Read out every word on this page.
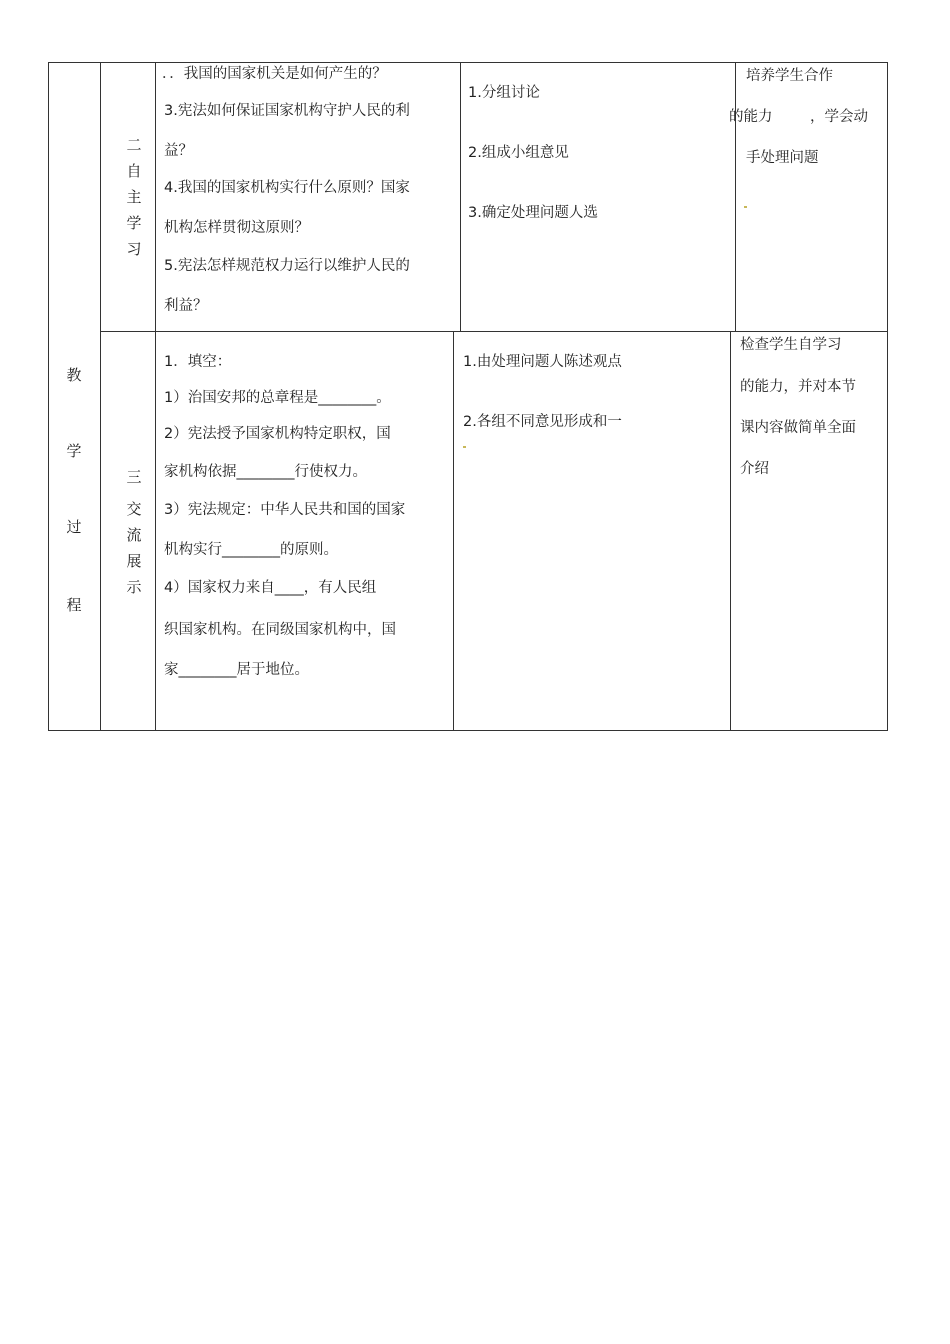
教
学
过
程
二
自
主
学
习
．．我国的国家机关是如何产生的？
3.宪法如何保证国家机构守护人民的利
益？
4.我国的国家机构实行什么原则？国家
机构怎样贯彻这原则？
5.宪法怎样规范权力运行以维护人民的
利益？
1.分组讨论
2.组成小组意见
3.确定处理问题人选
培养学生合作
的能力	，学会动
手处理问题
三
交
流
展
示
1．填空：
1）治国安邦的总章程是________。
2）宪法授予国家机构特定职权，国
家机构依据________行使权力。
3）宪法规定：中华人民共和国的国家
机构实行________的原则。
4）国家权力来自____，有人民组
织国家机构。在同级国家机构中，国
家________居于地位。
1.由处理问题人陈述观点
2.各组不同意见形成和一
检查学生自学习
的能力，并对本节
课内容做简单全面
介绍
